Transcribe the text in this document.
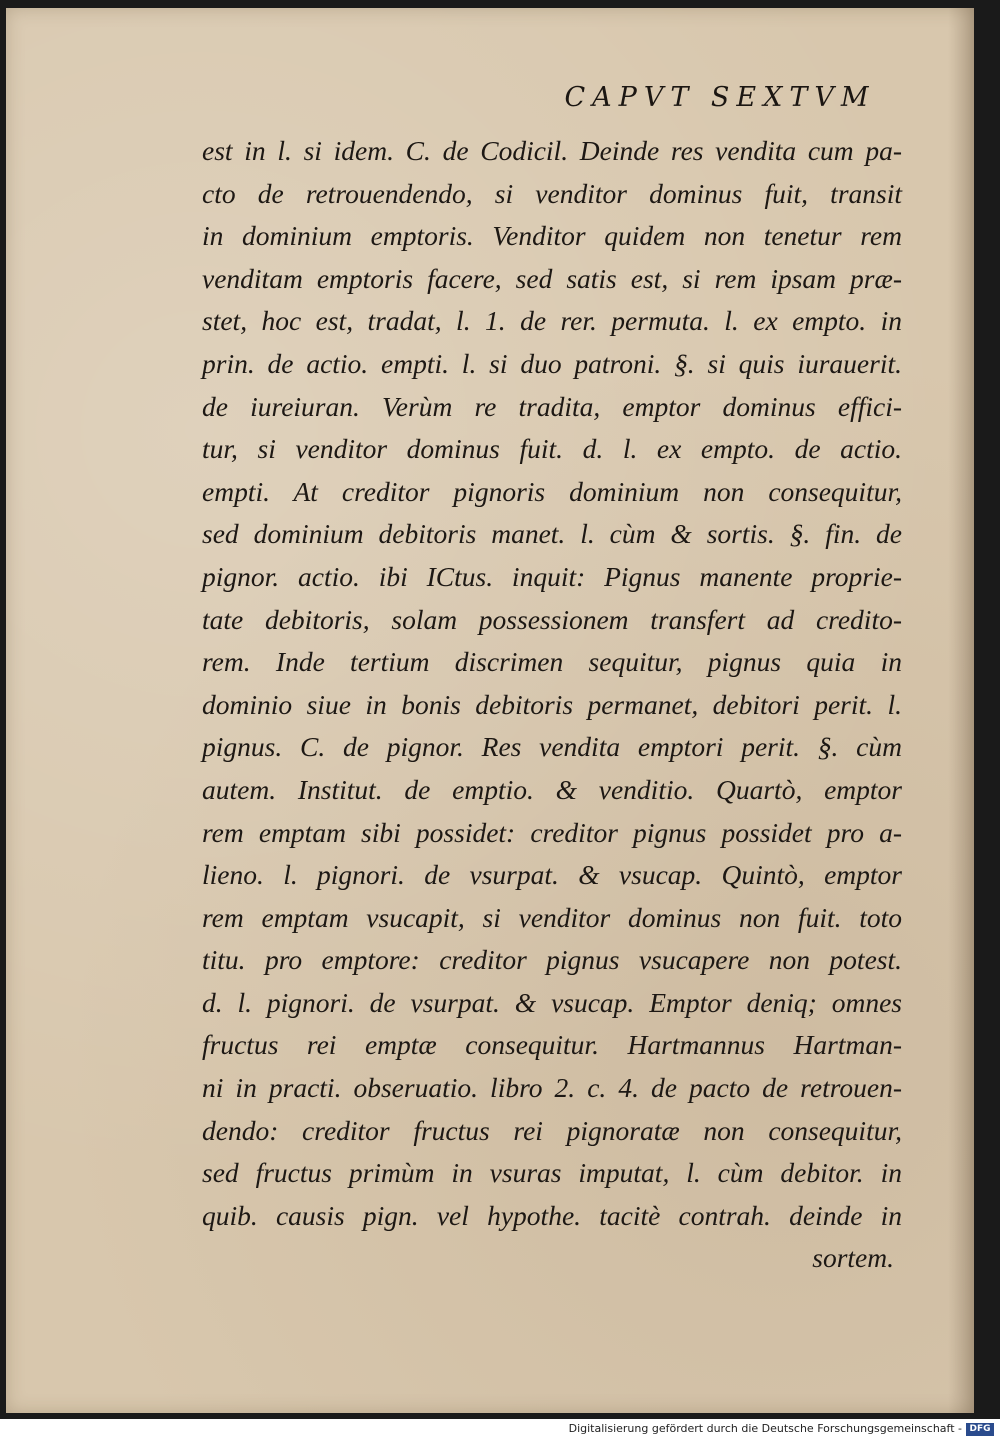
CAPVT SEXTVM
est in l. si idem. C. de Codicil. Deinde res vendita cum pa-
cto de retrouendendo, si venditor dominus fuit, transit
in dominium emptoris. Venditor quidem non tenetur rem
venditam emptoris facere, sed satis est, si rem ipsam præ-
stet, hoc est, tradat, l. 1. de rer. permuta. l. ex empto. in
prin. de actio. empti. l. si duo patroni. §. si quis iurauerit.
de iureiuran. Verùm re tradita, emptor dominus effici-
tur, si venditor dominus fuit. d. l. ex empto. de actio.
empti. At creditor pignoris dominium non consequitur,
sed dominium debitoris manet. l. cùm & sortis. §. fin. de
pignor. actio. ibi ICtus. inquit: Pignus manente proprie-
tate debitoris, solam possessionem transfert ad credito-
rem. Inde tertium discrimen sequitur, pignus quia in
dominio siue in bonis debitoris permanet, debitori perit. l.
pignus. C. de pignor. Res vendita emptori perit. §. cùm
autem. Institut. de emptio. & venditio. Quartò, emptor
rem emptam sibi possidet: creditor pignus possidet pro a-
lieno. l. pignori. de vsurpat. & vsucap. Quintò, emptor
rem emptam vsucapit, si venditor dominus non fuit. toto
titu. pro emptore: creditor pignus vsucapere non potest.
d. l. pignori. de vsurpat. & vsucap. Emptor deniq; omnes
fructus rei emptæ consequitur. Hartmannus Hartman-
ni in practi. obseruatio. libro 2. c. 4. de pacto de retrouen-
dendo: creditor fructus rei pignoratæ non consequitur,
sed fructus primùm in vsuras imputat, l. cùm debitor. in
quib. causis pign. vel hypothe. tacitè contrah. deinde in
sortem.
Digitalisierung gefördert durch die Deutsche Forschungsgemeinschaft - DFG
